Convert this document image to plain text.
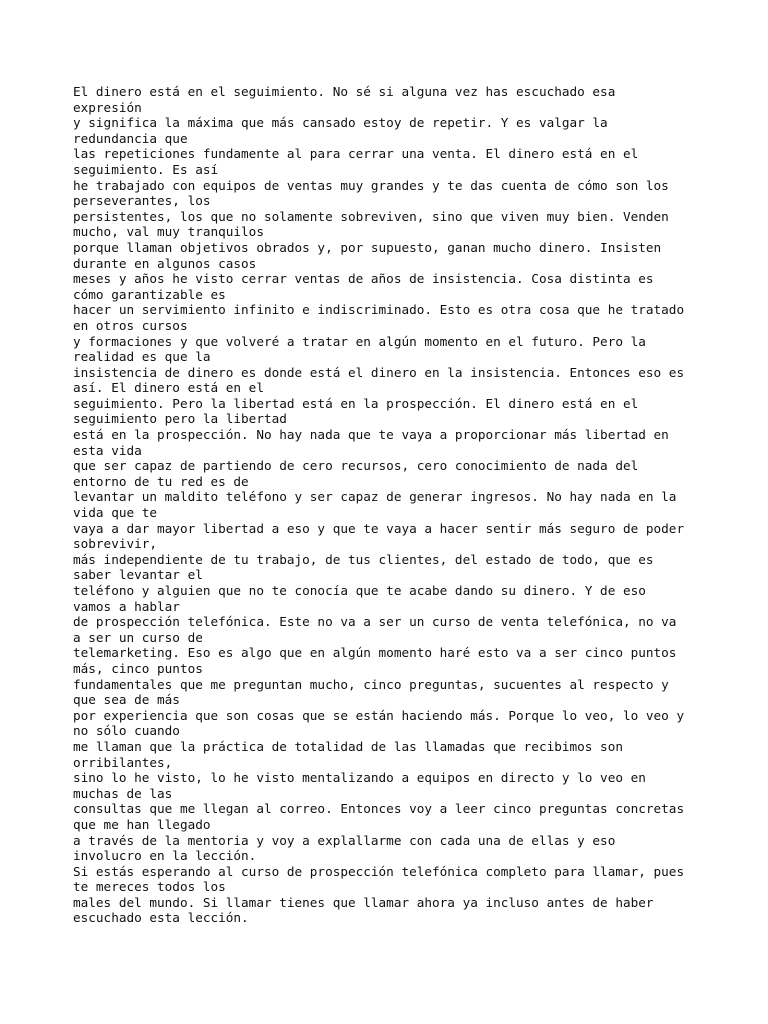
El dinero está en el seguimiento. No sé si alguna vez has escuchado esa
expresión
y significa la máxima que más cansado estoy de repetir. Y es valgar la
redundancia que
las repeticiones fundamente al para cerrar una venta. El dinero está en el
seguimiento. Es así
he trabajado con equipos de ventas muy grandes y te das cuenta de cómo son los
perseverantes, los
persistentes, los que no solamente sobreviven, sino que viven muy bien. Venden
mucho, val muy tranquilos
porque llaman objetivos obrados y, por supuesto, ganan mucho dinero. Insisten
durante en algunos casos
meses y años he visto cerrar ventas de años de insistencia. Cosa distinta es
cómo garantizable es
hacer un servimiento infinito e indiscriminado. Esto es otra cosa que he tratado
en otros cursos
y formaciones y que volveré a tratar en algún momento en el futuro. Pero la
realidad es que la
insistencia de dinero es donde está el dinero en la insistencia. Entonces eso es
así. El dinero está en el
seguimiento. Pero la libertad está en la prospección. El dinero está en el
seguimiento pero la libertad
está en la prospección. No hay nada que te vaya a proporcionar más libertad en
esta vida
que ser capaz de partiendo de cero recursos, cero conocimiento de nada del
entorno de tu red es de
levantar un maldito teléfono y ser capaz de generar ingresos. No hay nada en la
vida que te
vaya a dar mayor libertad a eso y que te vaya a hacer sentir más seguro de poder
sobrevivir,
más independiente de tu trabajo, de tus clientes, del estado de todo, que es
saber levantar el
teléfono y alguien que no te conocía que te acabe dando su dinero. Y de eso
vamos a hablar
de prospección telefónica. Este no va a ser un curso de venta telefónica, no va
a ser un curso de
telemarketing. Eso es algo que en algún momento haré esto va a ser cinco puntos
más, cinco puntos
fundamentales que me preguntan mucho, cinco preguntas, sucuentes al respecto y
que sea de más
por experiencia que son cosas que se están haciendo más. Porque lo veo, lo veo y
no sólo cuando
me llaman que la práctica de totalidad de las llamadas que recibimos son
orribilantes,
sino lo he visto, lo he visto mentalizando a equipos en directo y lo veo en
muchas de las
consultas que me llegan al correo. Entonces voy a leer cinco preguntas concretas
que me han llegado
a través de la mentoria y voy a explallarme con cada una de ellas y eso
involucro en la lección.
Si estás esperando al curso de prospección telefónica completo para llamar, pues
te mereces todos los
males del mundo. Si llamar tienes que llamar ahora ya incluso antes de haber
escuchado esta lección.
